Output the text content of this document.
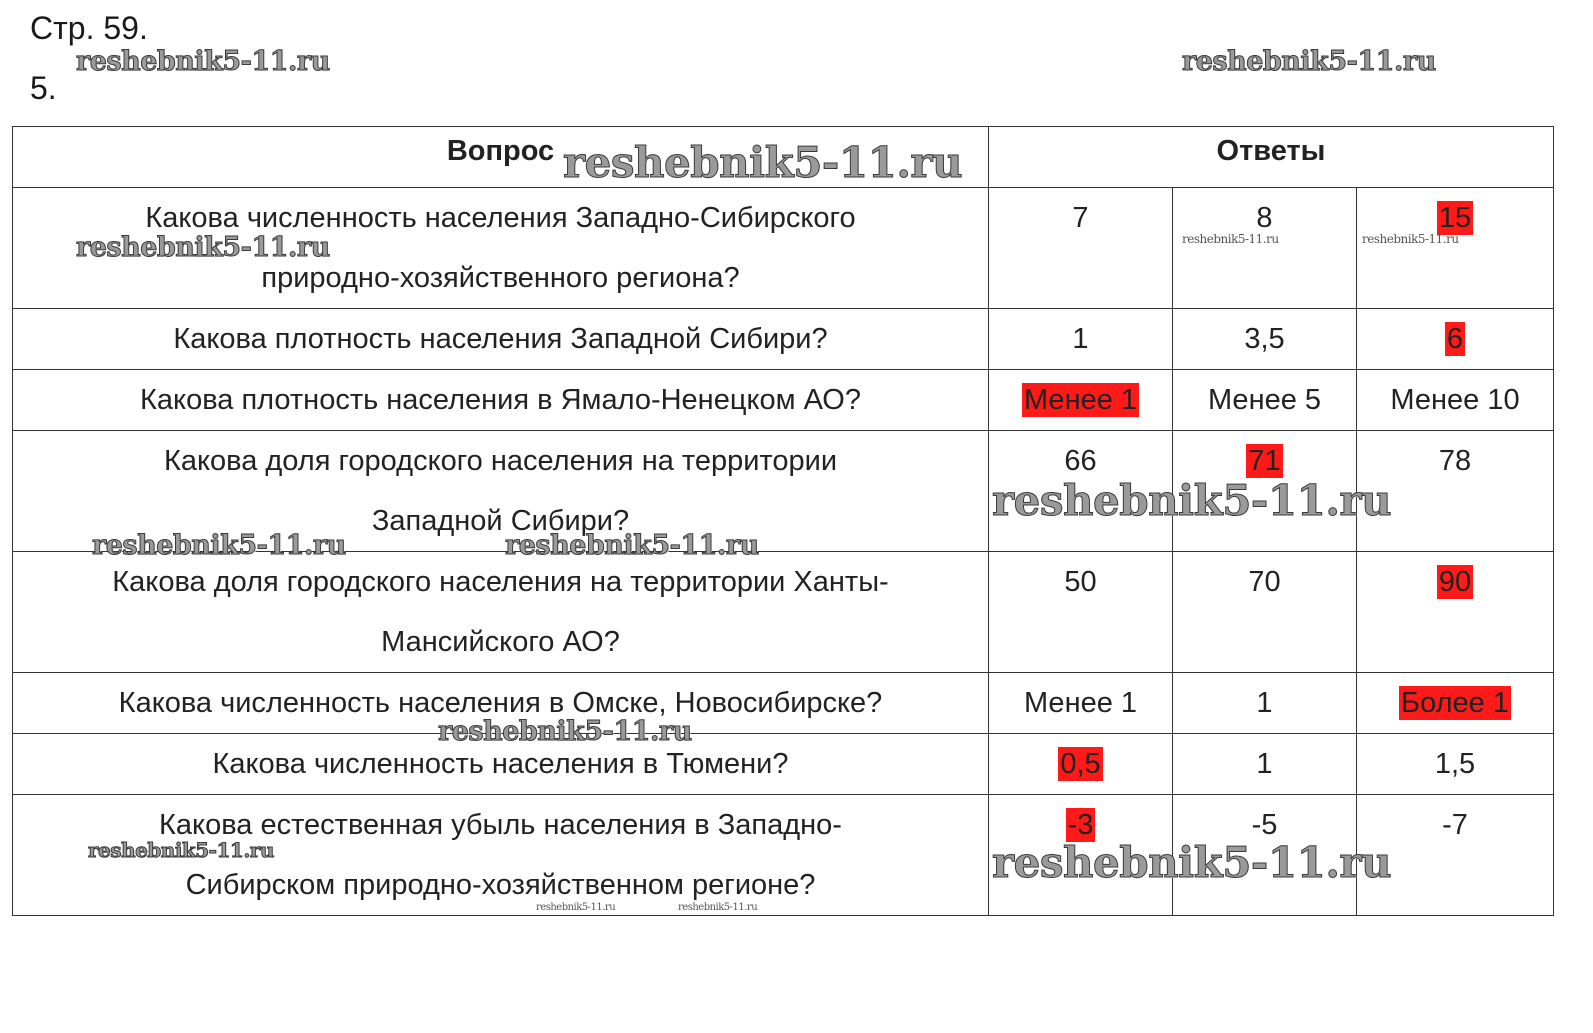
Стр. 59.
5.
Вопрос	Ответы		

Какова численность населения Западно-Сибирского
природно-хозяйственного региона?	7	8	15

Какова плотность населения Западной Сибири?	1	3,5	6

Какова плотность населения в Ямало-Ненецком АО?	Менее 1	Менее 5	Менее 10

Какова доля городского населения на территории
Западной Сибири?	66	71	78

Какова доля городского населения на территории Ханты-
Мансийского АО?	50	70	90

Какова численность населения в Омске, Новосибирске?	Менее 1	1	Более 1

Какова численность населения в Тюмени?	0,5	1	1,5

Какова естественная убыль населения в Западно-
Сибирском природно-хозяйственном регионе?	-3	-5	-7
reshebnik5-11.ru	reshebnik5-11.ru
reshebnik5-11.ru
reshebnik5-11.ru	reshebnik5-11.ru	reshebnik5-11.ru
reshebnik5-11.ru
reshebnik5-11.ru	reshebnik5-11.ru
reshebnik5-11.ru
reshebnik5-11.ru	reshebnik5-11.ru
reshebnik5-11.ru	reshebnik5-11.ru
